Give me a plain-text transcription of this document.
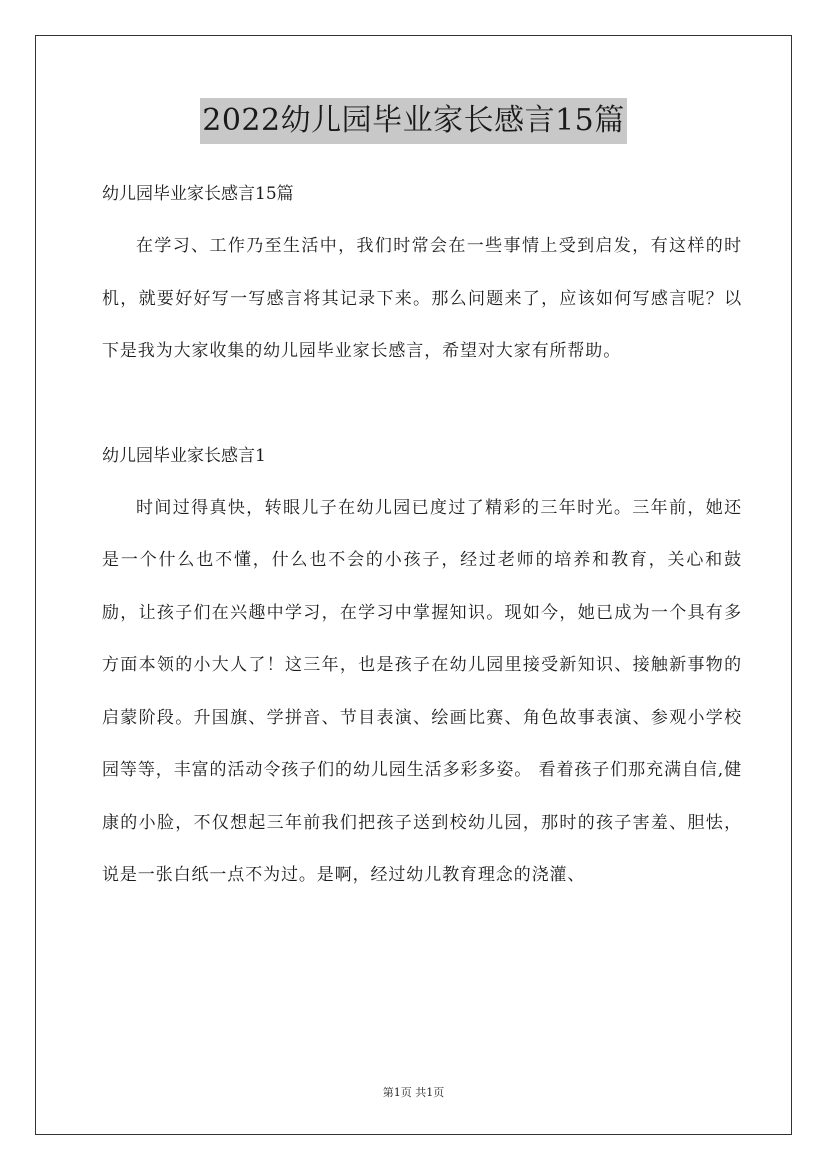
2022幼儿园毕业家长感言15篇

幼儿园毕业家长感言15篇

在学习、工作乃至生活中，我们时常会在一些事情上受到启发，有这样的时机，就要好好写一写感言将其记录下来。那么问题来了，应该如何写感言呢？以下是我为大家收集的幼儿园毕业家长感言，希望对大家有所帮助。

幼儿园毕业家长感言1

时间过得真快，转眼儿子在幼儿园已度过了精彩的三年时光。三年前，她还是一个什么也不懂，什么也不会的小孩子，经过老师的培养和教育，关心和鼓励，让孩子们在兴趣中学习，在学习中掌握知识。现如今，她已成为一个具有多方面本领的小大人了！这三年，也是孩子在幼儿园里接受新知识、接触新事物的启蒙阶段。升国旗、学拼音、节目表演、绘画比赛、角色故事表演、参观小学校园等等，丰富的活动令孩子们的幼儿园生活多彩多姿。 看着孩子们那充满自信,健康的小脸，不仅想起三年前我们把孩子送到校幼儿园，那时的孩子害羞、胆怯，说是一张白纸一点不为过。是啊，经过幼儿教育理念的浇灌、

第1页 共1页
